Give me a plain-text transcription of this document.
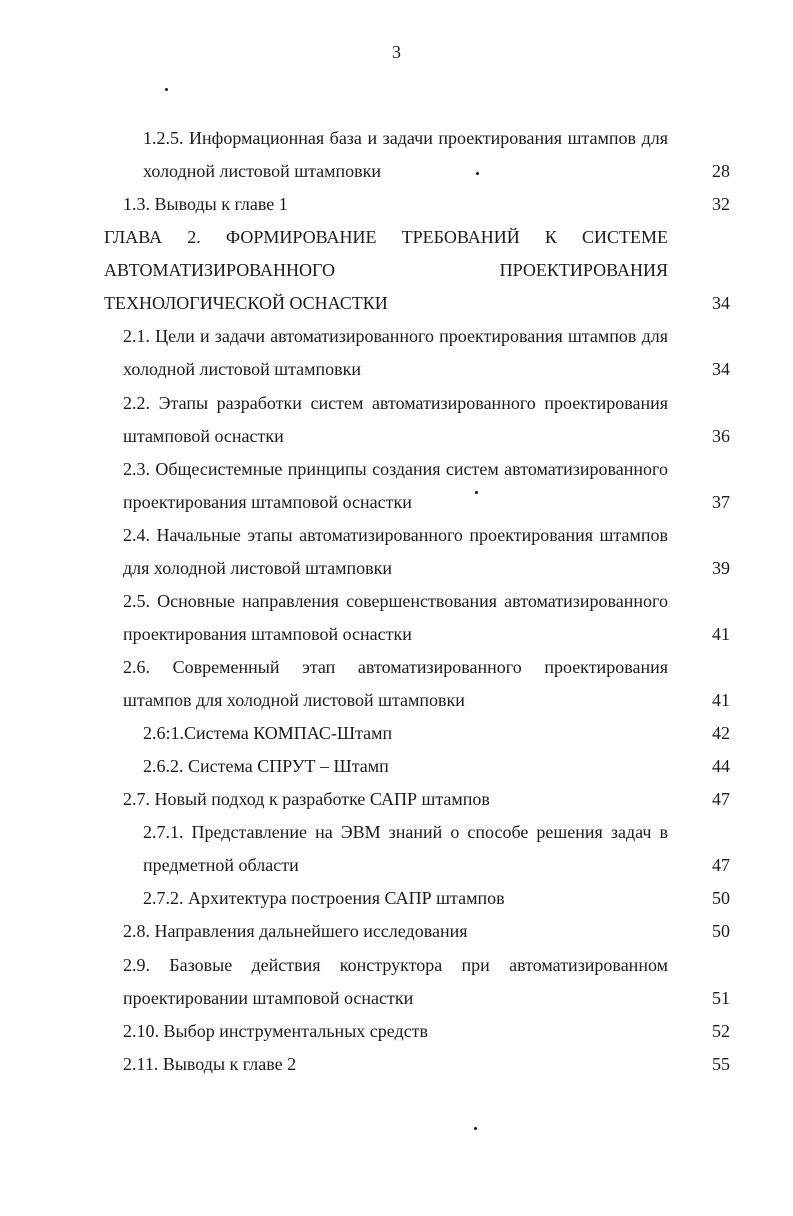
3
1.2.5. Информационная база и задачи проектирования штампов для
холодной листовой штамповки	28
1.3. Выводы к главе 1	32
ГЛАВА 2. ФОРМИРОВАНИЕ ТРЕБОВАНИЙ К СИСТЕМЕ
АВТОМАТИЗИРОВАННОГО ПРОЕКТИРОВАНИЯ
ТЕХНОЛОГИЧЕСКОЙ ОСНАСТКИ	34
2.1. Цели и задачи автоматизированного проектирования штампов для
холодной листовой штамповки	34
2.2. Этапы разработки систем автоматизированного проектирования
штамповой оснастки	36
2.3. Общесистемные принципы создания систем автоматизированного
проектирования штамповой оснастки	37
2.4. Начальные этапы автоматизированного проектирования штампов
для холодной листовой штамповки	39
2.5. Основные направления совершенствования автоматизированного
проектирования штамповой оснастки	41
2.6. Современный этап автоматизированного проектирования
штампов для холодной листовой штамповки	41
2.6:1.Система КОМПАС-Штамп	42
2.6.2. Система СПРУТ – Штамп	44
2.7. Новый подход к разработке САПР штампов	47
2.7.1. Представление на ЭВМ знаний о способе решения задач в
предметной области	47
2.7.2. Архитектура построения САПР штампов	50
2.8. Направления дальнейшего исследования	50
2.9. Базовые действия конструктора при автоматизированном
проектировании штамповой оснастки	51
2.10. Выбор инструментальных средств	52
2.11. Выводы к главе 2	55
